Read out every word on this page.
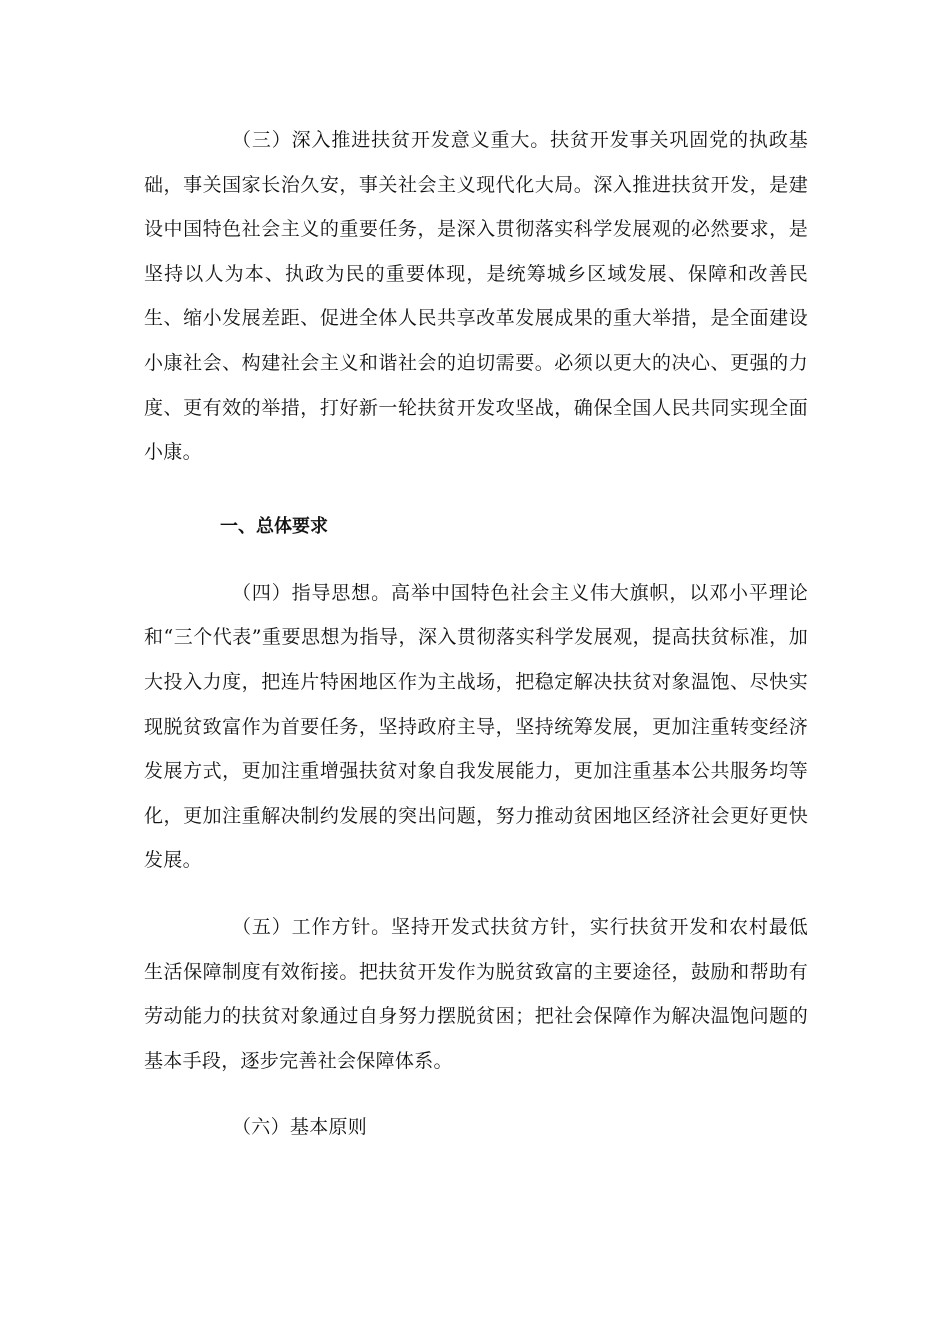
（三）深入推进扶贫开发意义重大。扶贫开发事关巩固党的执政基础，事关国家长治久安，事关社会主义现代化大局。深入推进扶贫开发，是建设中国特色社会主义的重要任务，是深入贯彻落实科学发展观的必然要求，是坚持以人为本、执政为民的重要体现，是统筹城乡区域发展、保障和改善民生、缩小发展差距、促进全体人民共享改革发展成果的重大举措，是全面建设小康社会、构建社会主义和谐社会的迫切需要。必须以更大的决心、更强的力度、更有效的举措，打好新一轮扶贫开发攻坚战，确保全国人民共同实现全面小康。

一、总体要求

（四）指导思想。高举中国特色社会主义伟大旗帜，以邓小平理论和“三个代表”重要思想为指导，深入贯彻落实科学发展观，提高扶贫标准，加大投入力度，把连片特困地区作为主战场，把稳定解决扶贫对象温饱、尽快实现脱贫致富作为首要任务，坚持政府主导，坚持统筹发展，更加注重转变经济发展方式，更加注重增强扶贫对象自我发展能力，更加注重基本公共服务均等化，更加注重解决制约发展的突出问题，努力推动贫困地区经济社会更好更快发展。

（五）工作方针。坚持开发式扶贫方针，实行扶贫开发和农村最低生活保障制度有效衔接。把扶贫开发作为脱贫致富的主要途径，鼓励和帮助有劳动能力的扶贫对象通过自身努力摆脱贫困；把社会保障作为解决温饱问题的基本手段，逐步完善社会保障体系。

（六）基本原则
